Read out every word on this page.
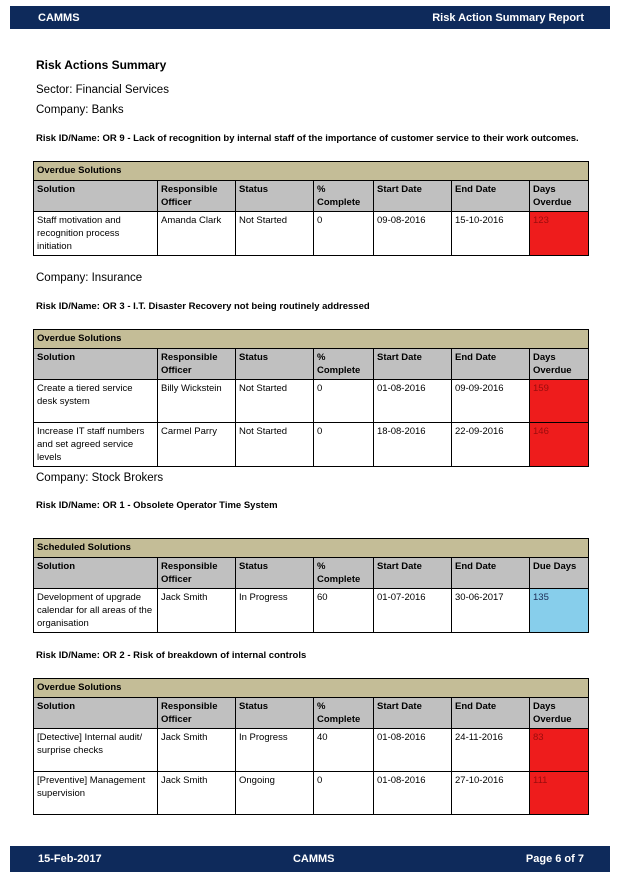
CAMMS	Risk Action Summary Report
Risk Actions Summary
Sector: Financial Services
Company: Banks
Risk ID/Name: OR 9 - Lack of recognition by internal staff of the importance of customer service to their work outcomes.
Overdue Solutions						
Solution	Responsible Officer	Status	% Complete	Start Date	End Date	Days Overdue
Staff motivation and recognition process initiation	Amanda Clark	Not Started	0	09-08-2016	15-10-2016	123
Company: Insurance
Risk ID/Name: OR 3 - I.T. Disaster Recovery not being routinely addressed
Overdue Solutions						
Solution	Responsible Officer	Status	% Complete	Start Date	End Date	Days Overdue
Create a tiered service desk system	Billy Wickstein	Not Started	0	01-08-2016	09-09-2016	159
Increase IT staff numbers and set agreed service levels	Carmel Parry	Not Started	0	18-08-2016	22-09-2016	146
Company: Stock Brokers
Risk ID/Name: OR 1 - Obsolete Operator Time System
Scheduled Solutions						
Solution	Responsible Officer	Status	% Complete	Start Date	End Date	Due Days
Development of upgrade calendar for all areas of the organisation	Jack Smith	In Progress	60	01-07-2016	30-06-2017	135
Risk ID/Name: OR 2 - Risk of breakdown of internal controls
Overdue Solutions						
Solution	Responsible Officer	Status	% Complete	Start Date	End Date	Days Overdue
[Detective] Internal audit/ surprise checks	Jack Smith	In Progress	40	01-08-2016	24-11-2016	83
[Preventive] Management supervision	Jack Smith	Ongoing	0	01-08-2016	27-10-2016	111
15-Feb-2017	CAMMS	Page 6 of 7
